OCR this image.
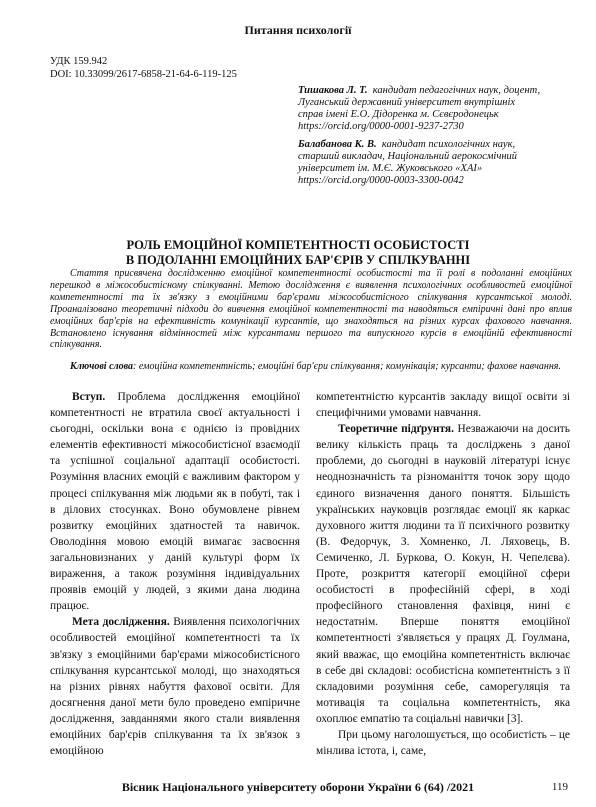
Питання психології
УДК 159.942
DOI: 10.33099/2617-6858-21-64-6-119-125
Тишакова Л. Т. кандидат педагогічних наук, доцент,
Луганський державний університет внутрішніх
справ імені Е.О. Дідоренка м. Сєвєродонецьк
https://orcid.org/0000-0001-9237-2730
Балабанова К. В. кандидат психологічних наук,
старший викладач, Національний аерокосмічний
університет ім. М.Є. Жуковського «ХАІ»
https://orcid.org/0000-0003-3300-0042
РОЛЬ ЕМОЦІЙНОЇ КОМПЕТЕНТНОСТІ ОСОБИСТОСТІ
В ПОДОЛАННІ ЕМОЦІЙНИХ БАР'ЄРІВ У СПІЛКУВАННІ
Стаття присвячена дослідженню емоційної компетентності особистості та її ролі в подоланні емоційних перешкод в міжособистісному спілкуванні. Метою дослідження є виявлення психологічних особливостей емоційної компетентності та їх зв'язку з емоційними бар'єрами міжособистісного спілкування курсантської молоді. Проаналізовано теоретичні підходи до вивчення емоційної компетентності та наводяться емпіричні дані про вплив емоційних бар'єрів на ефективність комунікації курсантів, що знаходяться на різних курсах фахового навчання. Встановлено існування відмінностей між курсантами першого та випускного курсів в емоційній ефективності спілкування.
Ключові слова: емоційна компетентність; емоційні бар'єри спілкування; комунікація; курсанти; фахове навчання.

Вступ. Проблема дослідження емоційної компетентності не втратила своєї актуальності і сьогодні, оскільки вона є однією із провідних елементів ефективності міжособистісної взаємодії та успішної соціальної адаптації особистості. Розуміння власних емоцій є важливим фактором у процесі спілкування між людьми як в побуті, так і в ділових стосунках. Воно обумовлене рівнем розвитку емоційних здатностей та навичок. Оволодіння мовою емоцій вимагає засвоєння загальновизнаних у даній культурі форм їх вираження, а також розуміння індивідуальних проявів емоцій у людей, з якими дана людина працює.

Мета дослідження. Виявлення психологічних особливостей емоційної компетентності та їх зв'язку з емоційними бар'єрами міжособистісного спілкування курсантської молоді, що знаходяться на різних рівнях набуття фахової освіти. Для досягнення даної мети було проведено емпіричне дослідження, завданнями якого стали виявлення емоційних бар'єрів спілкування та їх зв'язок з емоційною

компетентністю курсантів закладу вищої освіти зі специфічними умовами навчання.

Теоретичне підґрунтя. Незважаючи на досить велику кількість праць та досліджень з даної проблеми, до сьогодні в науковій літературі існує неоднозначність та різноманіття точок зору щодо єдиного визначення даного поняття. Більшість українських науковців розглядає емоції як каркас духовного життя людини та її психічного розвитку (В. Федорчук, З. Хомненко, Л. Ляховець, В. Семиченко, Л. Буркова, О. Кокун, Н. Чепелєва). Проте, розкриття категорії емоційної сфери особистості в професійній сфері, в ході професійного становлення фахівця, нині є недостатнім. Вперше поняття емоційної компетентності з'являється у працях Д. Гоулмана, який вважає, що емоційна компетентність включає в себе дві складові: особистісна компетентність з її складовими розуміння себе, саморегуляція та мотивація та соціальна компетентність, яка охоплює емпатію та соціальні навички [3].

При цьому наголошується, що особистість – це мінлива істота, і, саме,

Вісник Національного університету оборони України 6 (64) /2021	119
